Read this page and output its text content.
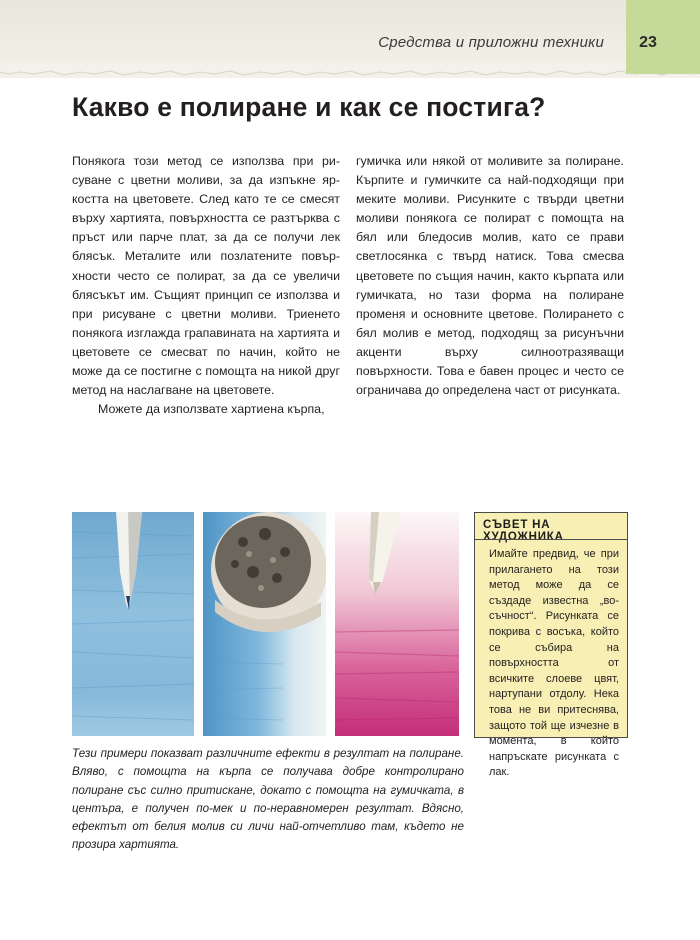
Средства и приложни техники	23
Какво е полиране и как се постига?

Понякога този метод се използва при рисуване с цветни моливи, за да изпъкне яркостта на цветовете. След като те се смесят върху хартията, повърхността се разтърква с пръст или парче плат, за да се получи лек блясък. Металите или позлатените повърхности често се полират, за да се увеличи блясъкът им. Същият принцип се използва и при рисуване с цветни моливи. Триенето понякога изглажда грапавината на хартията и цветовете се смесват по начин, който не може да се постигне с помощта на никой друг метод на наслагване на цветовете.

Можете да използвате хартиена кърпа,

гумичка или някой от моливите за полиране. Кърпите и гумичките са най-подходящи при меките моливи. Рисунките с твърди цветни моливи понякога се полират с помощта на бял или бледосив молив, като се прави светлосянка с твърд натиск. Това смесва цветовете по същия начин, както кърпата или гумичката, но тази форма на полиране променя и основните цветове. Полирането с бял молив е метод, подходящ за рисунъчни акценти върху силноотразяващи повърхности. Това е бавен процес и често се ограничава до определена част от рисунката.

СЪВЕТ НА ХУДОЖНИКА
Имайте предвид, че при прилагането на този метод може да се създаде известна „восъчност“. Рисунката се покрива с восъка, който се събира на повърхността от всичките слоеве цвят, нартупани отдолу. Нека това не ви притеснява, защото той ще изчезне в момента, в който напръскате рисунката с лак.
Тези примери показват различните ефекти в резултат на полиране. Вляво, с помощта на кърпа се получава добре контролирано полиране със силно притискане, докато с помощта на гумичката, в центъра, е получен по-мек и по-неравномерен резултат. Вдясно, ефектът от белия молив си личи най-отчетливо там, където не прозира хартията.
